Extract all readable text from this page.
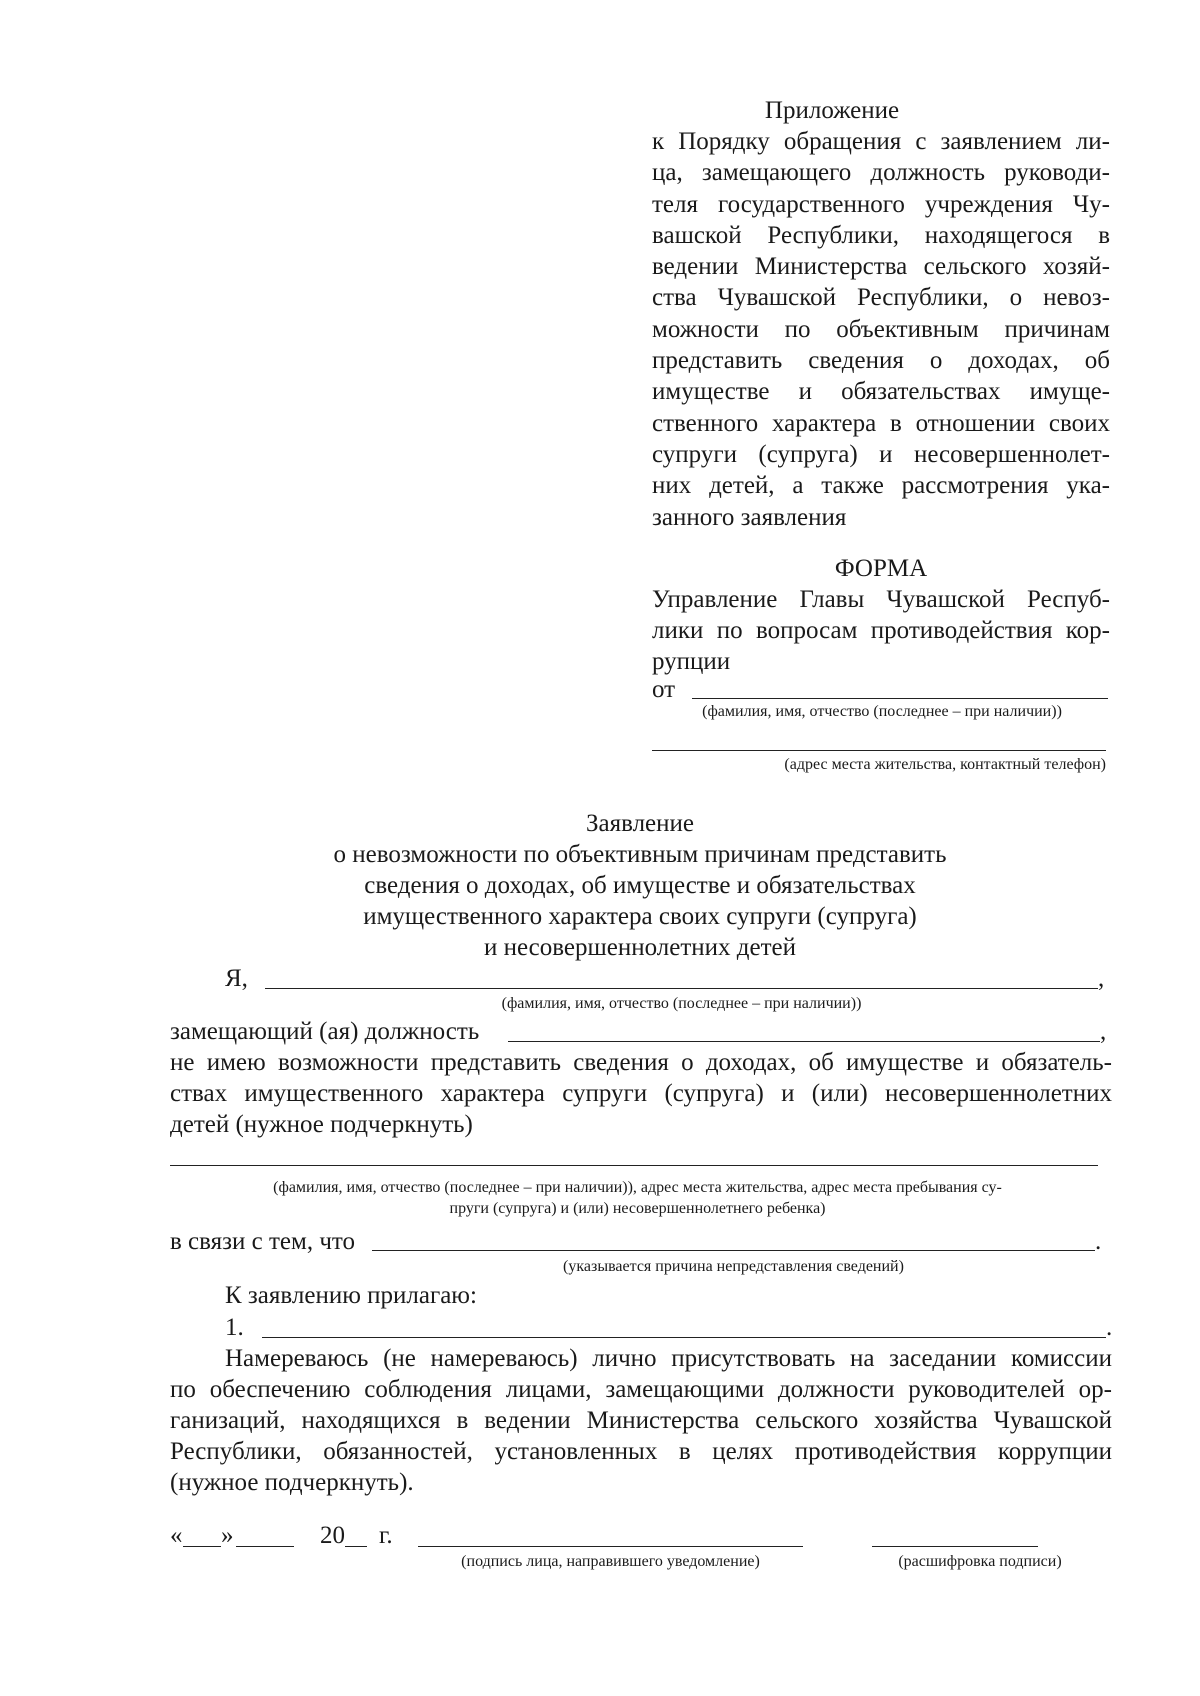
Приложение
к Порядку обращения с заявлением ли-
ца, замещающего должность руководи-
теля государственного учреждения Чу-
вашской Республики, находящегося в
ведении Министерства сельского хозяй-
ства Чувашской Республики, о невоз-
можности по объективным причинам
представить сведения о доходах, об
имуществе и обязательствах имуще-
ственного характера в отношении своих
супруги (супруга) и несовершеннолет-
них детей, а также рассмотрения ука-
занного заявления
ФОРМА
Управление Главы Чувашской Респуб-
лики по вопросам противодействия кор-
рупции
от
(фамилия, имя, отчество (последнее – при наличии))
(адрес места жительства, контактный телефон)
Заявление
о невозможности по объективным причинам представить
сведения о доходах, об имуществе и обязательствах
имущественного характера своих супруги (супруга)
и несовершеннолетних детей
Я,	,
(фамилия, имя, отчество (последнее – при наличии))
замещающий (ая) должность	,
не имею возможности представить сведения о доходах, об имуществе и обязатель-
ствах имущественного характера супруги (супруга) и (или) несовершеннолетних
детей (нужное подчеркнуть)
(фамилия, имя, отчество (последнее – при наличии)), адрес места жительства, адрес места пребывания су-
пруги (супруга) и (или) несовершеннолетнего ребенка)
в связи с тем, что	.
(указывается причина непредставления сведений)
К заявлению прилагаю:
1.	.
Намереваюсь (не намереваюсь) лично присутствовать на заседании комиссии
по обеспечению соблюдения лицами, замещающими должности руководителей ор-
ганизаций, находящихся в ведении Министерства сельского хозяйства Чувашской
Республики, обязанностей, установленных в целях противодействия коррупции
(нужное подчеркнуть).
« »	20 г.
(подпись лица, направившего уведомление)	(расшифровка подписи)
